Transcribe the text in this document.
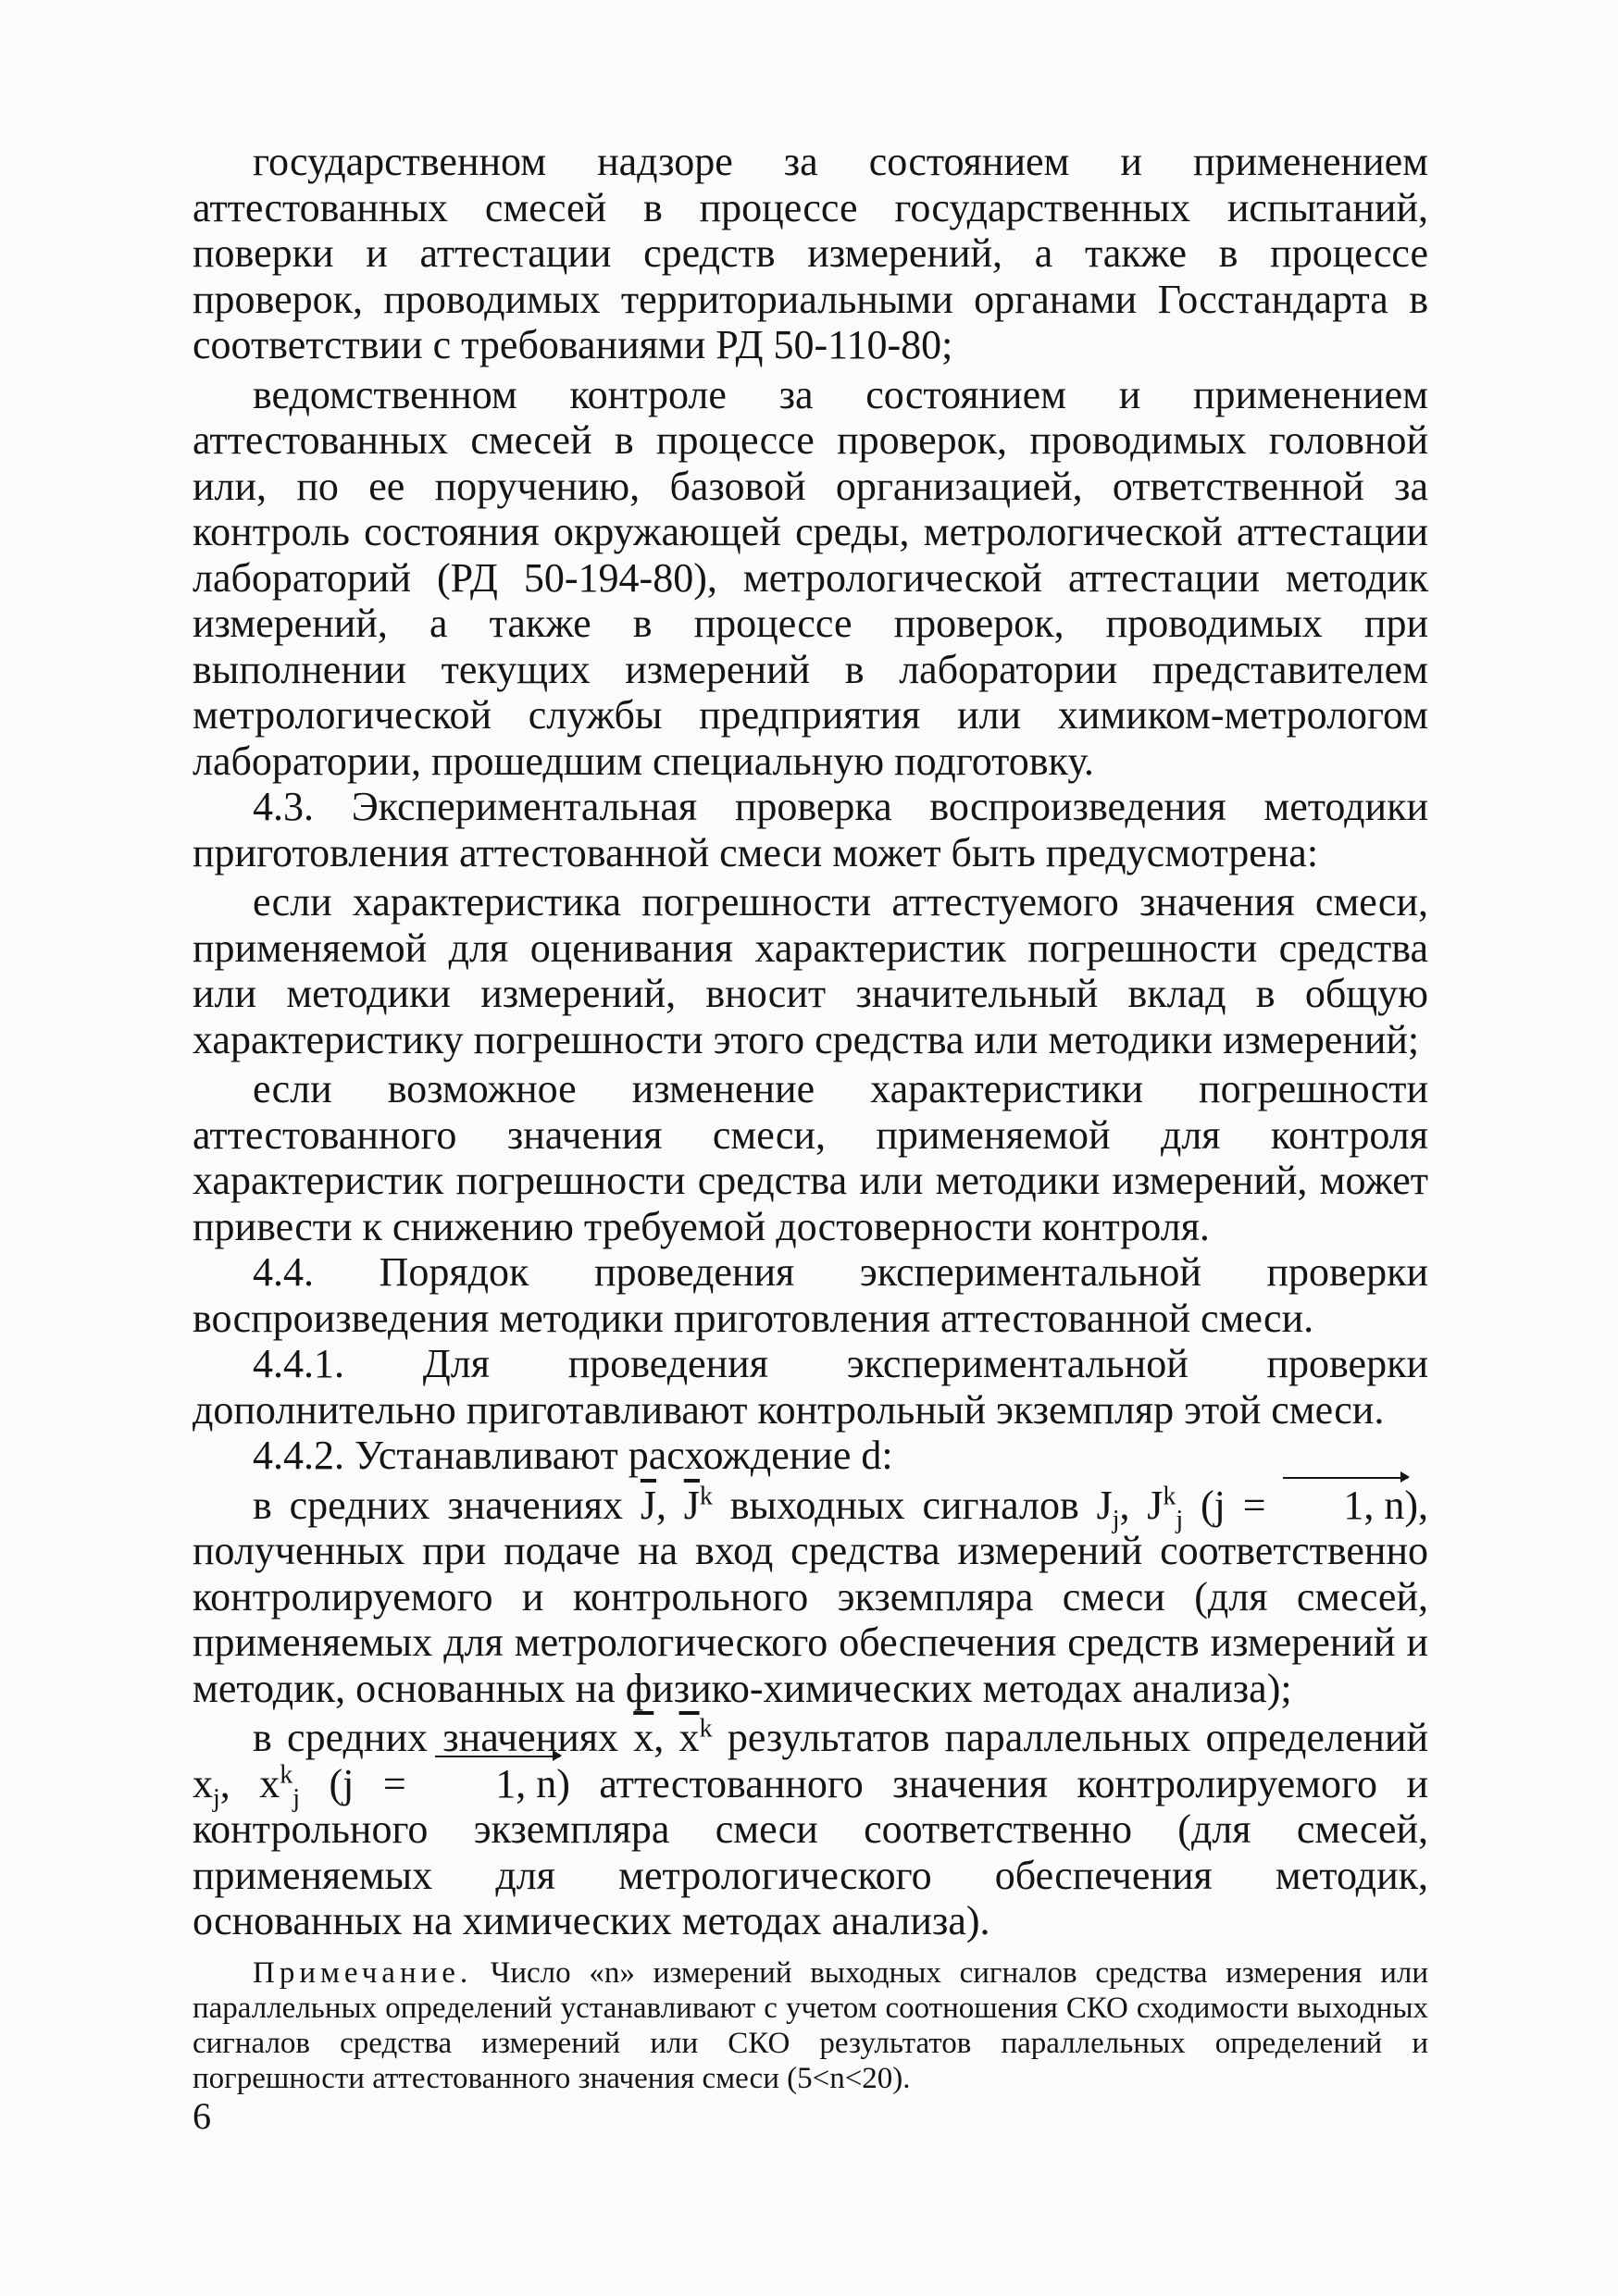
государственном надзоре за состоянием и применением аттестованных смесей в процессе государственных испытаний, поверки и аттестации средств измерений, а также в процессе проверок, проводимых территориальными органами Госстандарта в соответствии с требованиями РД 50-110-80;

ведомственном контроле за состоянием и применением аттестованных смесей в процессе проверок, проводимых головной или, по ее поручению, базовой организацией, ответственной за контроль состояния окружающей среды, метрологической аттестации лабораторий (РД 50-194-80), метрологической аттестации методик измерений, а также в процессе проверок, проводимых при выполнении текущих измерений в лаборатории представителем метрологической службы предприятия или химиком-метрологом лаборатории, прошедшим специальную подготовку.

4.3. Экспериментальная проверка воспроизведения методики приготовления аттестованной смеси может быть предусмотрена:

если характеристика погрешности аттестуемого значения смеси, применяемой для оценивания характеристик погрешности средства или методики измерений, вносит значительный вклад в общую характеристику погрешности этого средства или методики измерений;

если возможное изменение характеристики погрешности аттестованного значения смеси, применяемой для контроля характеристик погрешности средства или методики измерений, может привести к снижению требуемой достоверности контроля.

4.4. Порядок проведения экспериментальной проверки воспроизведения методики приготовления аттестованной смеси.

4.4.1. Для проведения экспериментальной проверки дополнительно приготавливают контрольный экземпляр этой смеси.

4.4.2. Устанавливают расхождение d:

в средних значениях $\overline{J}$, $\overline{J}^k$ выходных сигналов $J_j$, $J^k_j$ (j = 1, n), полученных при подаче на вход средства измерений соответственно контролируемого и контрольного экземпляра смеси (для смесей, применяемых для метрологического обеспечения средств измерений и методик, основанных на физико-химических методах анализа);

в средних значениях $\overline{x}$, $\overline{x}^k$ результатов параллельных определений $x_j$, $x^k_j$ (j = 1, n) аттестованного значения контролируемого и контрольного экземпляра смеси соответственно (для смесей, применяемых для метрологического обеспечения методик, основанных на химических методах анализа).

Примечание. Число «n» измерений выходных сигналов средства измерения или параллельных определений устанавливают с учетом соотношения СКО сходимости выходных сигналов средства измерений или СКО результатов параллельных определений и погрешности аттестованного значения смеси (5<n<20).

6
